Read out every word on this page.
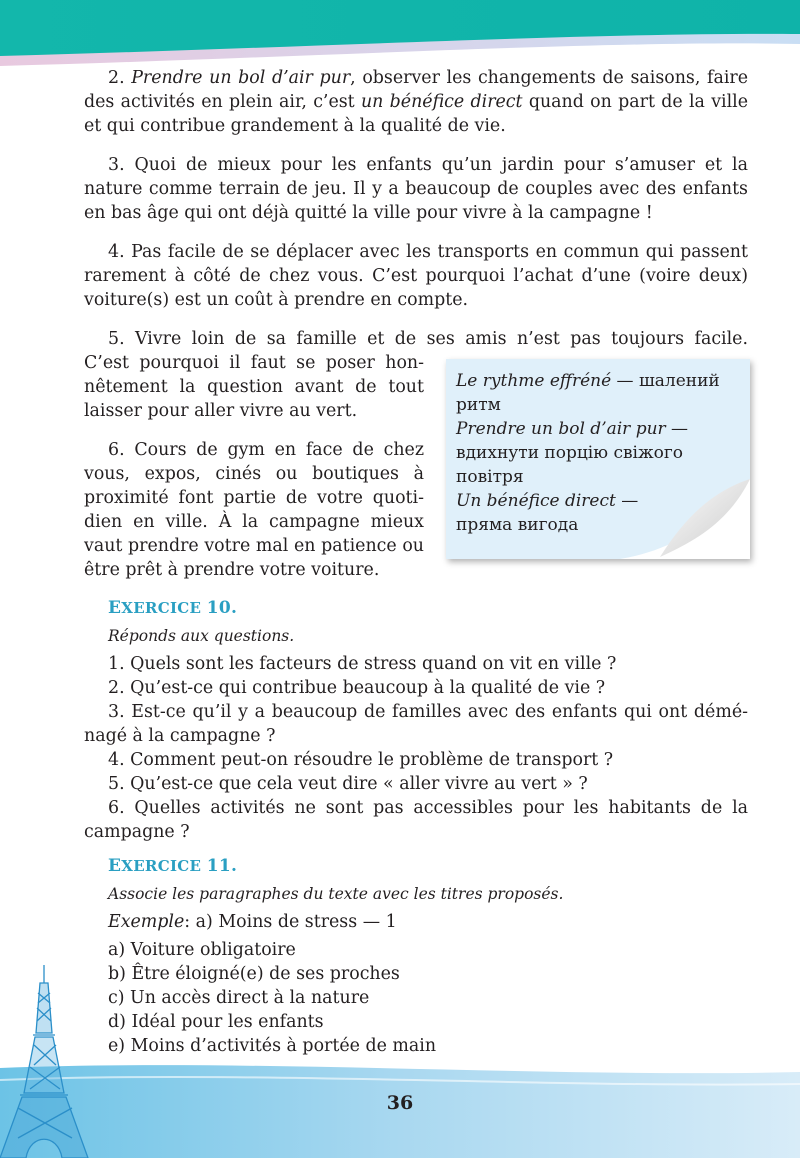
2. Prendre un bol d’air pur, observer les changements de saisons, faire des activités en plein air, c’est un bénéfice direct quand on part de la ville et qui contribue grandement à la qualité de vie.

3. Quoi de mieux pour les enfants qu’un jardin pour s’amuser et la nature comme terrain de jeu. Il y a beaucoup de couples avec des enfants en bas âge qui ont déjà quitté la ville pour vivre à la campagne !

4. Pas facile de se déplacer avec les transports en commun qui passent rarement à côté de chez vous. C’est pourquoi l’achat d’une (voire deux) voiture(s) est un coût à prendre en compte.

5. Vivre loin de sa famille et de ses amis n’est pas toujours facile.

C’est pourquoi il faut se poser hon-nêtement la question avant de tout laisser pour aller vivre au vert.

6. Cours de gym en face de chez vous, expos, cinés ou boutiques à proximité font partie de votre quoti-dien en ville. À la campagne mieux vaut prendre votre mal en patience ou être prêt à prendre votre voiture.

Le rythme effréné — шалений ритм
Prendre un bol d’air pur — вдихнути порцію свіжого повітря
Un bénéfice direct —
пряма вигода
EXERCICE 10.
Réponds aux questions.

1. Quels sont les facteurs de stress quand on vit en ville ?

2. Qu’est-ce qui contribue beaucoup à la qualité de vie ?

3. Est-ce qu’il y a beaucoup de familles avec des enfants qui ont démé-nagé à la campagne ?

4. Comment peut-on résoudre le problème de transport ?

5. Qu’est-ce que cela veut dire « aller vivre au vert » ?

6. Quelles activités ne sont pas accessibles pour les habitants de la campagne ?

EXERCICE 11.
Associe les paragraphes du texte avec les titres proposés.
Exemple: a) Moins de stress — 1
a) Voiture obligatoire
b) Être éloigné(e) de ses proches
c) Un accès direct à la nature
d) Idéal pour les enfants
e) Moins d’activités à portée de main
36
